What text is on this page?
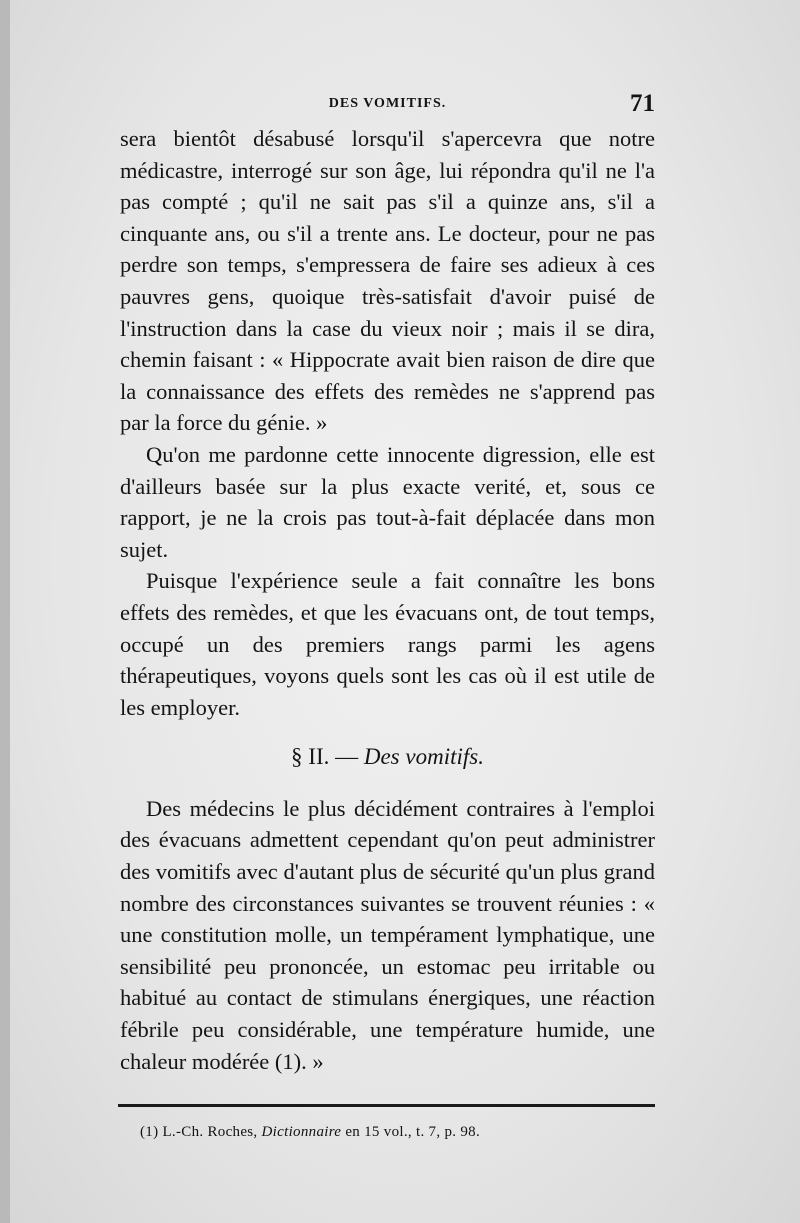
DES VOMITIFS.	71

sera bientôt désabusé lorsqu'il s'apercevra que notre médicastre, interrogé sur son âge, lui répondra qu'il ne l'a pas compté ; qu'il ne sait pas s'il a quinze ans, s'il a cinquante ans, ou s'il a trente ans. Le docteur, pour ne pas perdre son temps, s'empressera de faire ses adieux à ces pauvres gens, quoique très-satisfait d'avoir puisé de l'instruction dans la case du vieux noir ; mais il se dira, chemin faisant : « Hippocrate avait bien raison de dire que la connaissance des effets des remèdes ne s'apprend pas par la force du génie. »

Qu'on me pardonne cette innocente digression, elle est d'ailleurs basée sur la plus exacte verité, et, sous ce rapport, je ne la crois pas tout-à-fait déplacée dans mon sujet.

Puisque l'expérience seule a fait connaître les bons effets des remèdes, et que les évacuans ont, de tout temps, occupé un des premiers rangs parmi les agens thérapeutiques, voyons quels sont les cas où il est utile de les employer.

§ II. — Des vomitifs.

Des médecins le plus décidément contraires à l'emploi des évacuans admettent cependant qu'on peut administrer des vomitifs avec d'autant plus de sécurité qu'un plus grand nombre des circonstances suivantes se trouvent réunies : « une constitution molle, un tempérament lymphatique, une sensibilité peu prononcée, un estomac peu irritable ou habitué au contact de stimulans énergiques, une réaction fébrile peu considérable, une température humide, une chaleur modérée (1). »

(1) L.-Ch. Roches, Dictionnaire en 15 vol., t. 7, p. 98.
